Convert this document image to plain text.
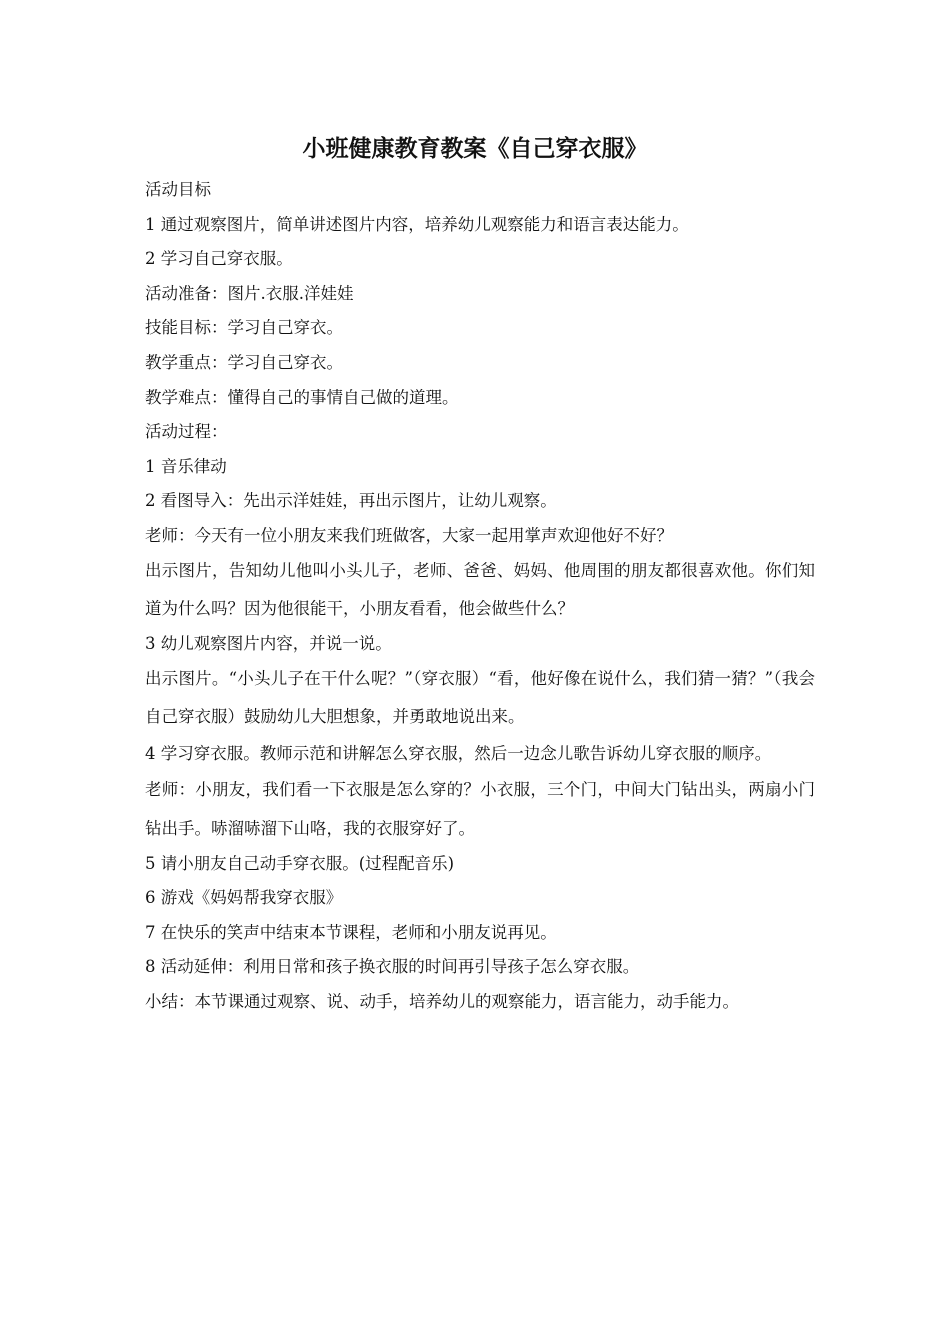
小班健康教育教案《自己穿衣服》

活动目标

1 通过观察图片，简单讲述图片内容，培养幼儿观察能力和语言表达能力。

2 学习自己穿衣服。

活动准备：图片.衣服.洋娃娃

技能目标：学习自己穿衣。

教学重点：学习自己穿衣。

教学难点：懂得自己的事情自己做的道理。

活动过程：

1 音乐律动

2 看图导入：先出示洋娃娃，再出示图片，让幼儿观察。

老师：今天有一位小朋友来我们班做客，大家一起用掌声欢迎他好不好？

出示图片，告知幼儿他叫小头儿子，老师、爸爸、妈妈、他周围的朋友都很喜欢他。你们知道为什么吗？因为他很能干，小朋友看看，他会做些什么？

3 幼儿观察图片内容，并说一说。

出示图片。“小头儿子在干什么呢？”（穿衣服）“看，他好像在说什么，我们猜一猜？”（我会自己穿衣服）鼓励幼儿大胆想象，并勇敢地说出来。

4 学习穿衣服。教师示范和讲解怎么穿衣服，然后一边念儿歌告诉幼儿穿衣服的顺序。

老师：小朋友，我们看一下衣服是怎么穿的？小衣服，三个门，中间大门钻出头，两扇小门钻出手。哧溜哧溜下山咯，我的衣服穿好了。

5 请小朋友自己动手穿衣服。(过程配音乐)

6 游戏《妈妈帮我穿衣服》

7 在快乐的笑声中结束本节课程，老师和小朋友说再见。

8 活动延伸：利用日常和孩子换衣服的时间再引导孩子怎么穿衣服。

小结：本节课通过观察、说、动手，培养幼儿的观察能力，语言能力，动手能力。
